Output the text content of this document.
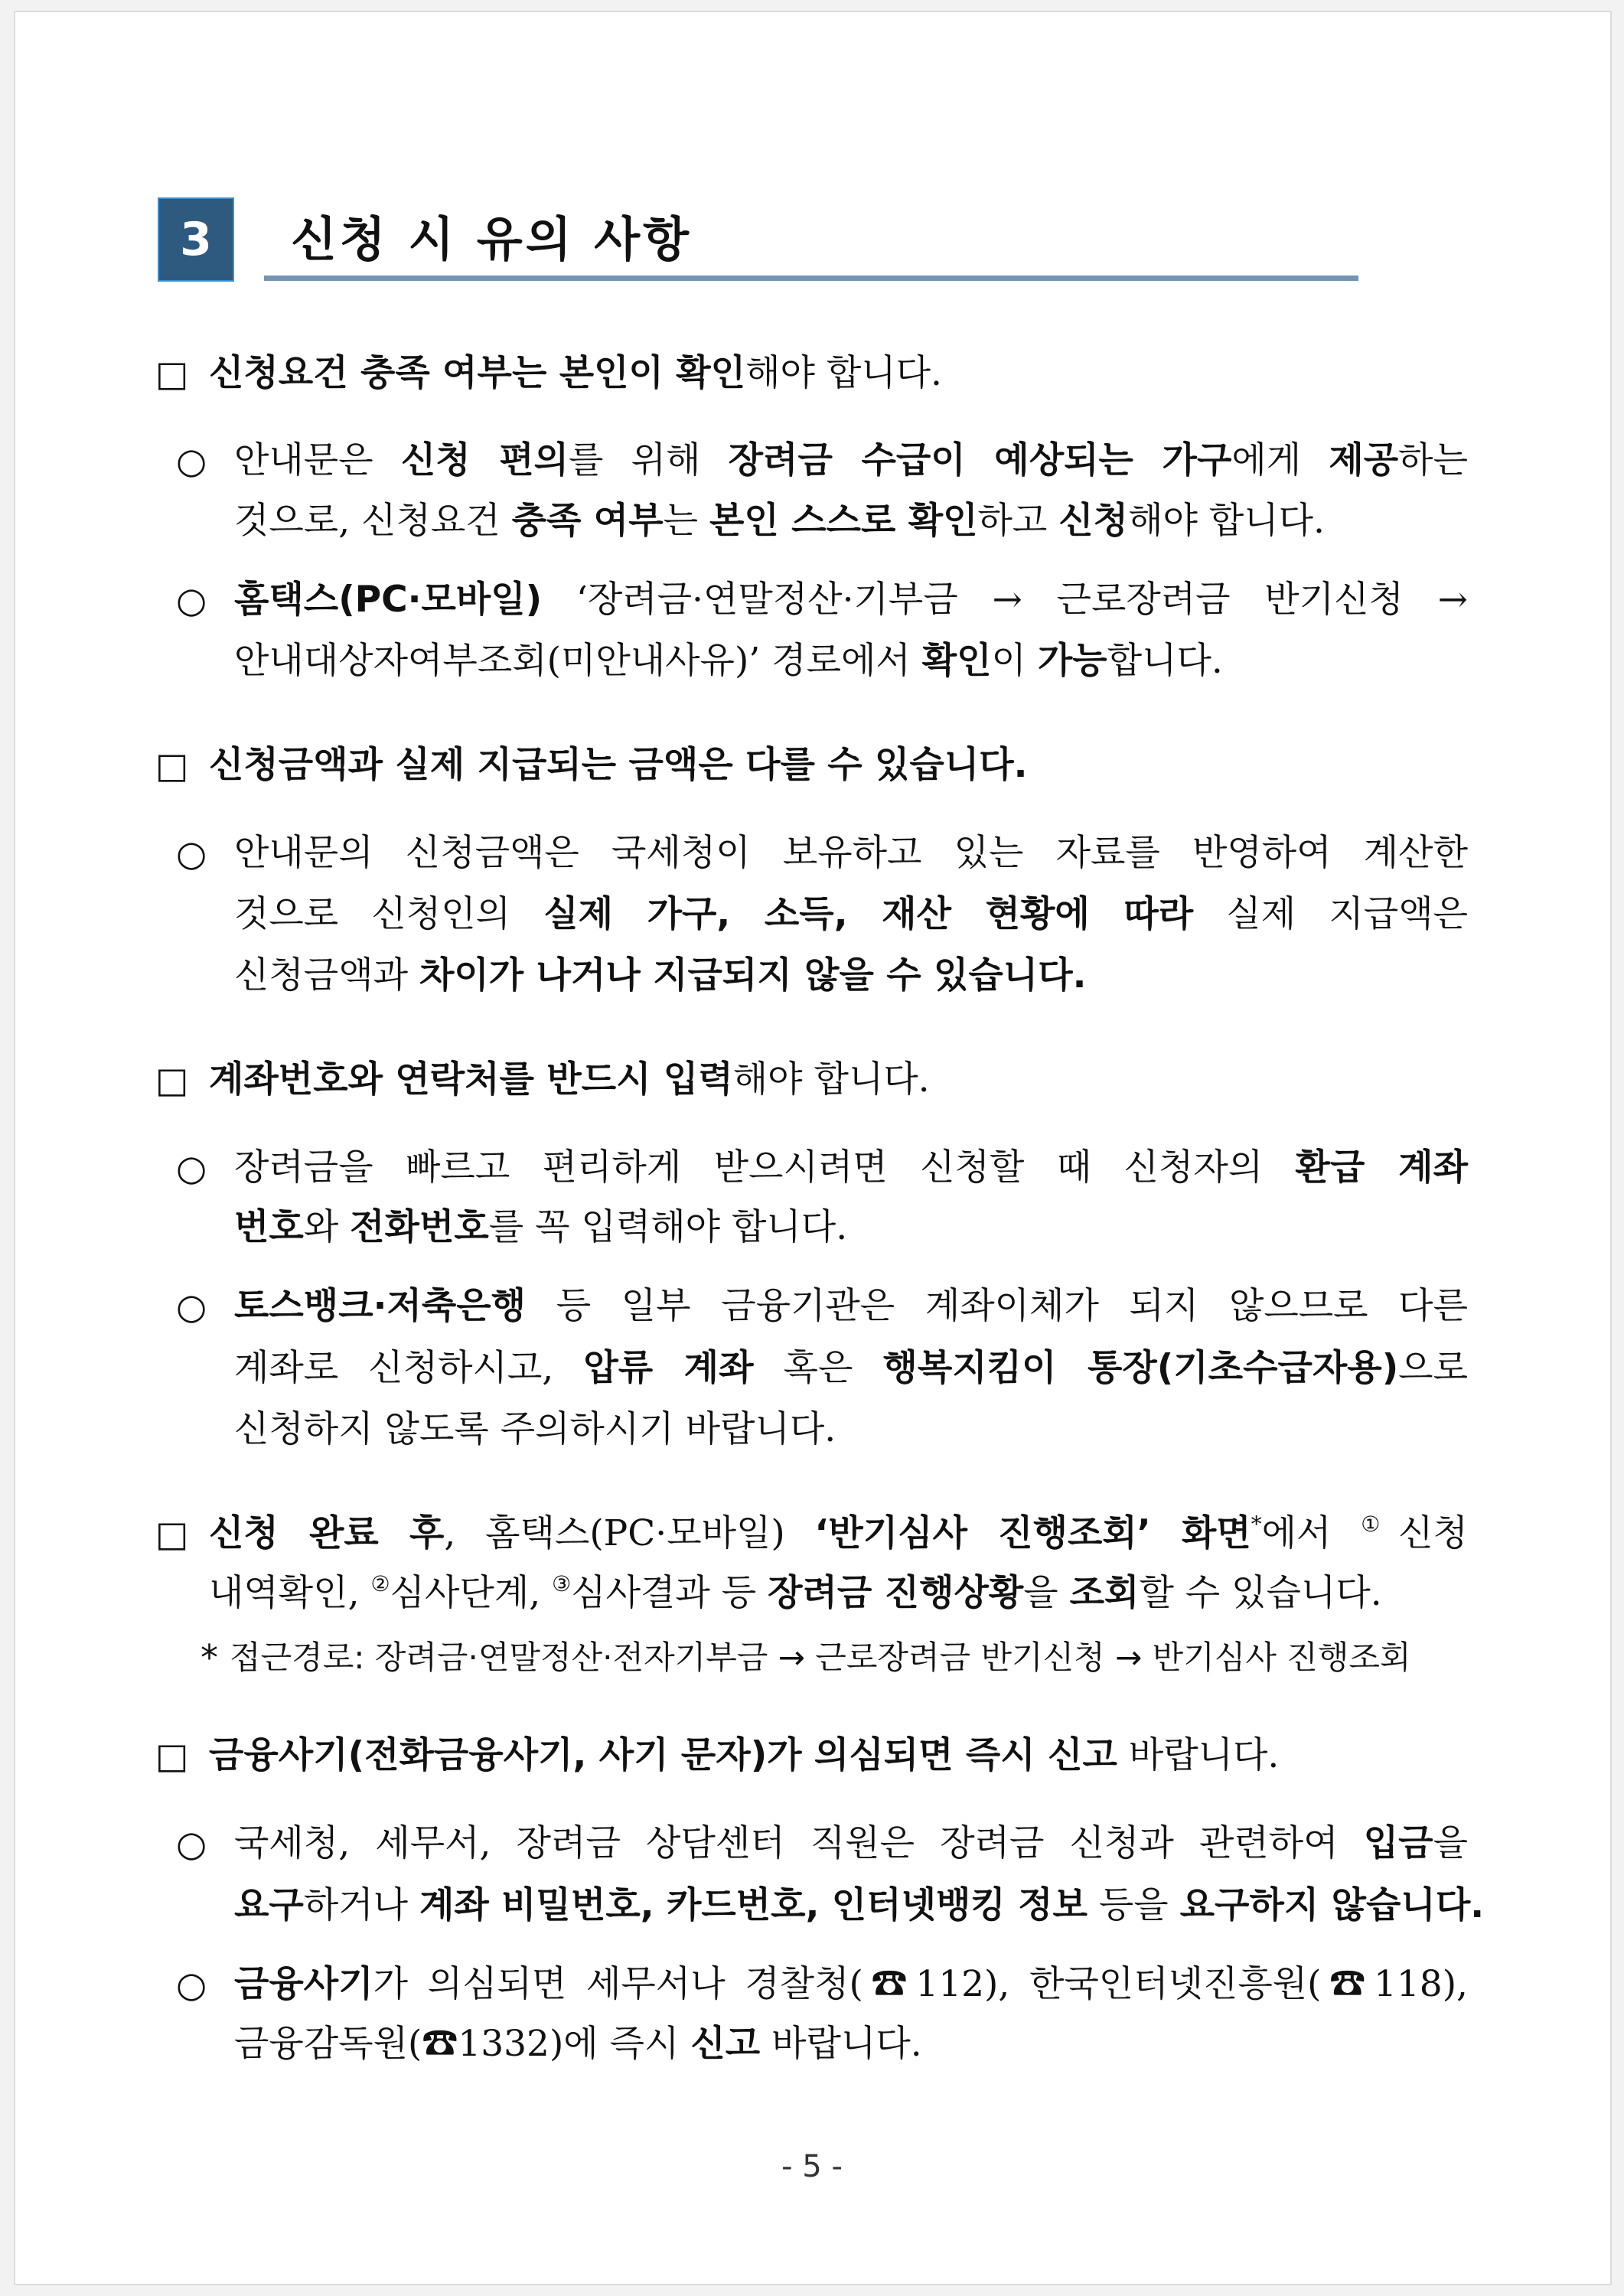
3	신청 시 유의 사항
□ 신청요건 충족 여부는 본인이 확인해야 합니다.
○ 안내문은 신청 편의를 위해 장려금 수급이 예상되는 가구에게 제공하는
것으로, 신청요건 충족 여부는 본인 스스로 확인하고 신청해야 합니다.
○ 홈택스(PC·모바일) ‘장려금·연말정산·기부금 → 근로장려금 반기신청 →
안내대상자여부조회(미안내사유)’ 경로에서 확인이 가능합니다.
□ 신청금액과 실제 지급되는 금액은 다를 수 있습니다.
○ 안내문의 신청금액은 국세청이 보유하고 있는 자료를 반영하여 계산한
것으로 신청인의 실제 가구, 소득, 재산 현황에 따라 실제 지급액은
신청금액과 차이가 나거나 지급되지 않을 수 있습니다.
□ 계좌번호와 연락처를 반드시 입력해야 합니다.
○ 장려금을 빠르고 편리하게 받으시려면 신청할 때 신청자의 환급 계좌
번호와 전화번호를 꼭 입력해야 합니다.
○ 토스뱅크·저축은행 등 일부 금융기관은 계좌이체가 되지 않으므로 다른
계좌로 신청하시고, 압류 계좌 혹은 행복지킴이 통장(기초수급자용)으로
신청하지 않도록 주의하시기 바랍니다.
□ 신청 완료 후, 홈택스(PC·모바일) ‘반기심사 진행조회’ 화면*에서 ①신청
내역확인, ②심사단계, ③심사결과 등 장려금 진행상황을 조회할 수 있습니다.
* 접근경로: 장려금·연말정산·전자기부금 → 근로장려금 반기신청 → 반기심사 진행조회
□ 금융사기(전화금융사기, 사기 문자)가 의심되면 즉시 신고 바랍니다.
○ 국세청, 세무서, 장려금 상담센터 직원은 장려금 신청과 관련하여 입금을
요구하거나 계좌 비밀번호, 카드번호, 인터넷뱅킹 정보 등을 요구하지 않습니다.
○ 금융사기가 의심되면 세무서나 경찰청(☎112), 한국인터넷진흥원(☎118),
금융감독원(☎1332)에 즉시 신고 바랍니다.
- 5 -
